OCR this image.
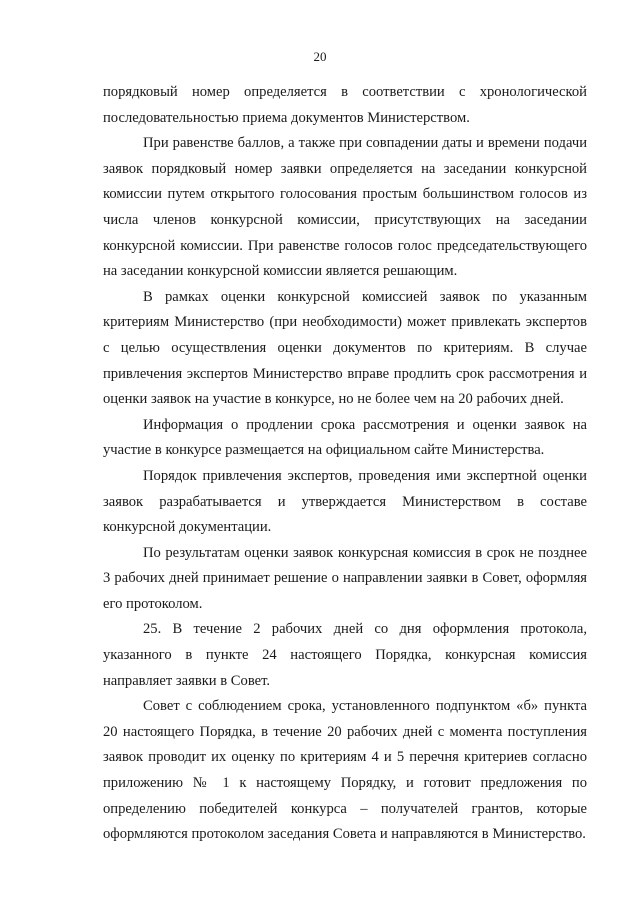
20

порядковый номер определяется в соответствии с хронологической последовательностью приема документов Министерством.

При равенстве баллов, а также при совпадении даты и времени подачи заявок порядковый номер заявки определяется на заседании конкурсной комиссии путем открытого голосования простым большинством голосов из числа членов конкурсной комиссии, присутствующих на заседании конкурсной комиссии. При равенстве голосов голос председательствующего на заседании конкурсной комиссии является решающим.

В рамках оценки конкурсной комиссией заявок по указанным критериям Министерство (при необходимости) может привлекать экспертов с целью осуществления оценки документов по критериям. В случае привлечения экспертов Министерство вправе продлить срок рассмотрения и оценки заявок на участие в конкурсе, но не более чем на 20 рабочих дней.

Информация о продлении срока рассмотрения и оценки заявок на участие в конкурсе размещается на официальном сайте Министерства.

Порядок привлечения экспертов, проведения ими экспертной оценки заявок разрабатывается и утверждается Министерством в составе конкурсной документации.

По результатам оценки заявок конкурсная комиссия в срок не позднее 3 рабочих дней принимает решение о направлении заявки в Совет, оформляя его протоколом.

25. В течение 2 рабочих дней со дня оформления протокола, указанного в пункте 24 настоящего Порядка, конкурсная комиссия направляет заявки в Совет.

Совет с соблюдением срока, установленного подпунктом «б» пункта 20 настоящего Порядка, в течение 20 рабочих дней с момента поступления заявок проводит их оценку по критериям 4 и 5 перечня критериев согласно приложению № 1 к настоящему Порядку, и готовит предложения по определению победителей конкурса – получателей грантов, которые оформляются протоколом заседания Совета и направляются в Министерство.
